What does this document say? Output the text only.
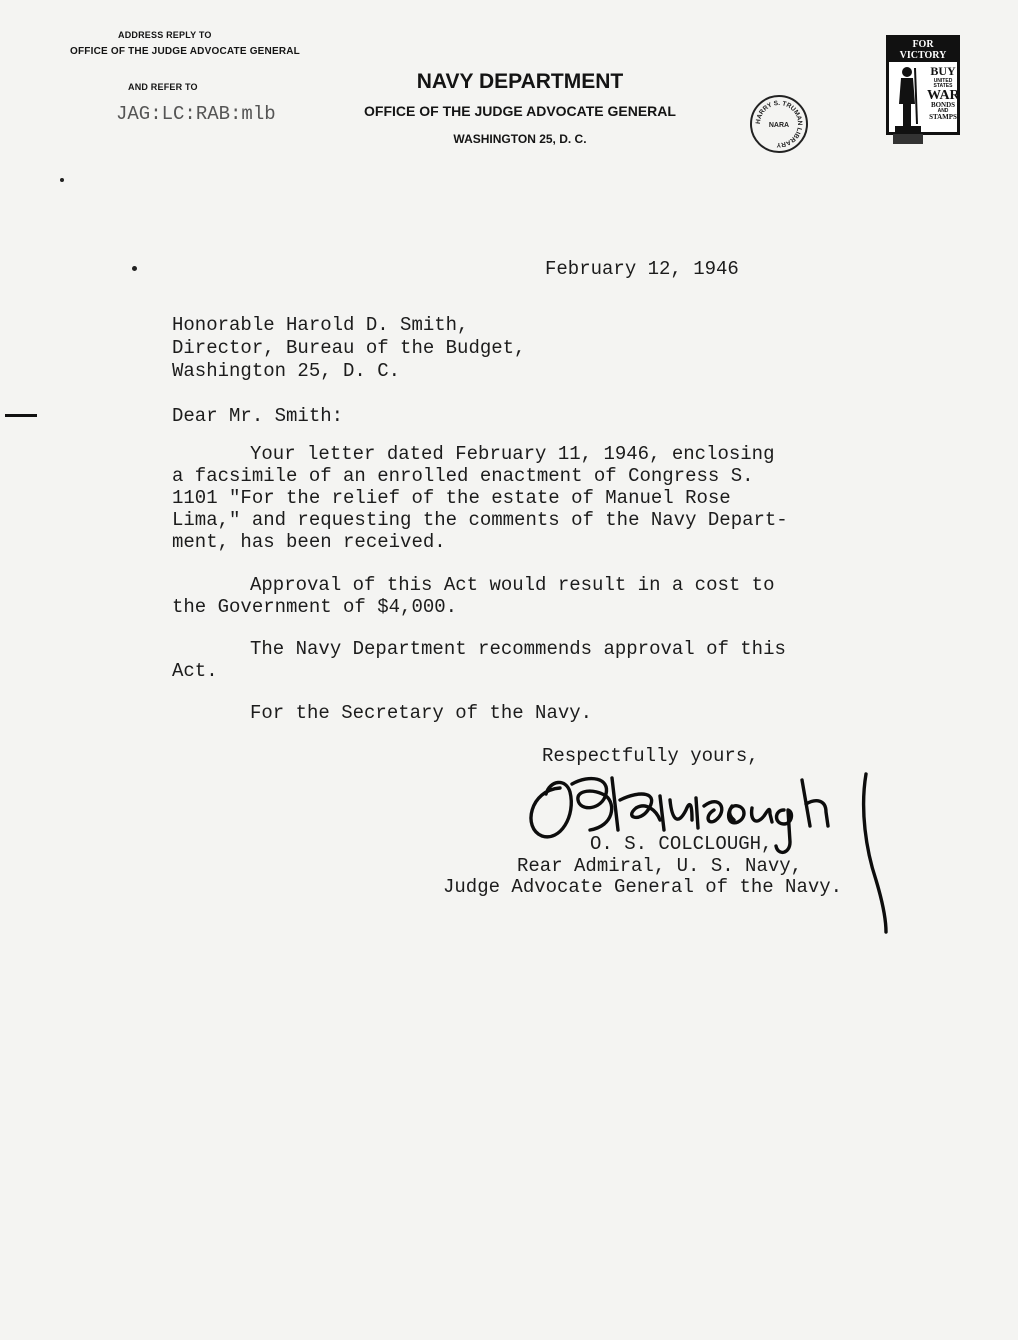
ADDRESS REPLY TO
OFFICE OF THE JUDGE ADVOCATE GENERAL
AND REFER TO
JAG:LC:RAB:mlb
NAVY DEPARTMENT
OFFICE OF THE JUDGE ADVOCATE GENERAL
WASHINGTON 25, D. C.
HARRY S. TRUMAN LIBRARY
NARA
FOR VICTORY
BUY
UNITED
STATES
WAR
BONDS
AND
STAMPS
February 12, 1946
Honorable Harold D. Smith,
Director, Bureau of the Budget,
Washington 25, D. C.
Dear Mr. Smith:
Your letter dated February 11, 1946, enclosing
a facsimile of an enrolled enactment of Congress S.
1101 "For the relief of the estate of Manuel Rose
Lima," and requesting the comments of the Navy Depart-
ment, has been received.
Approval of this Act would result in a cost to
the Government of $4,000.
The Navy Department recommends approval of this
Act.
For the Secretary of the Navy.
Respectfully yours,
O. S. COLCLOUGH,
Rear Admiral, U. S. Navy,
Judge Advocate General of the Navy.
